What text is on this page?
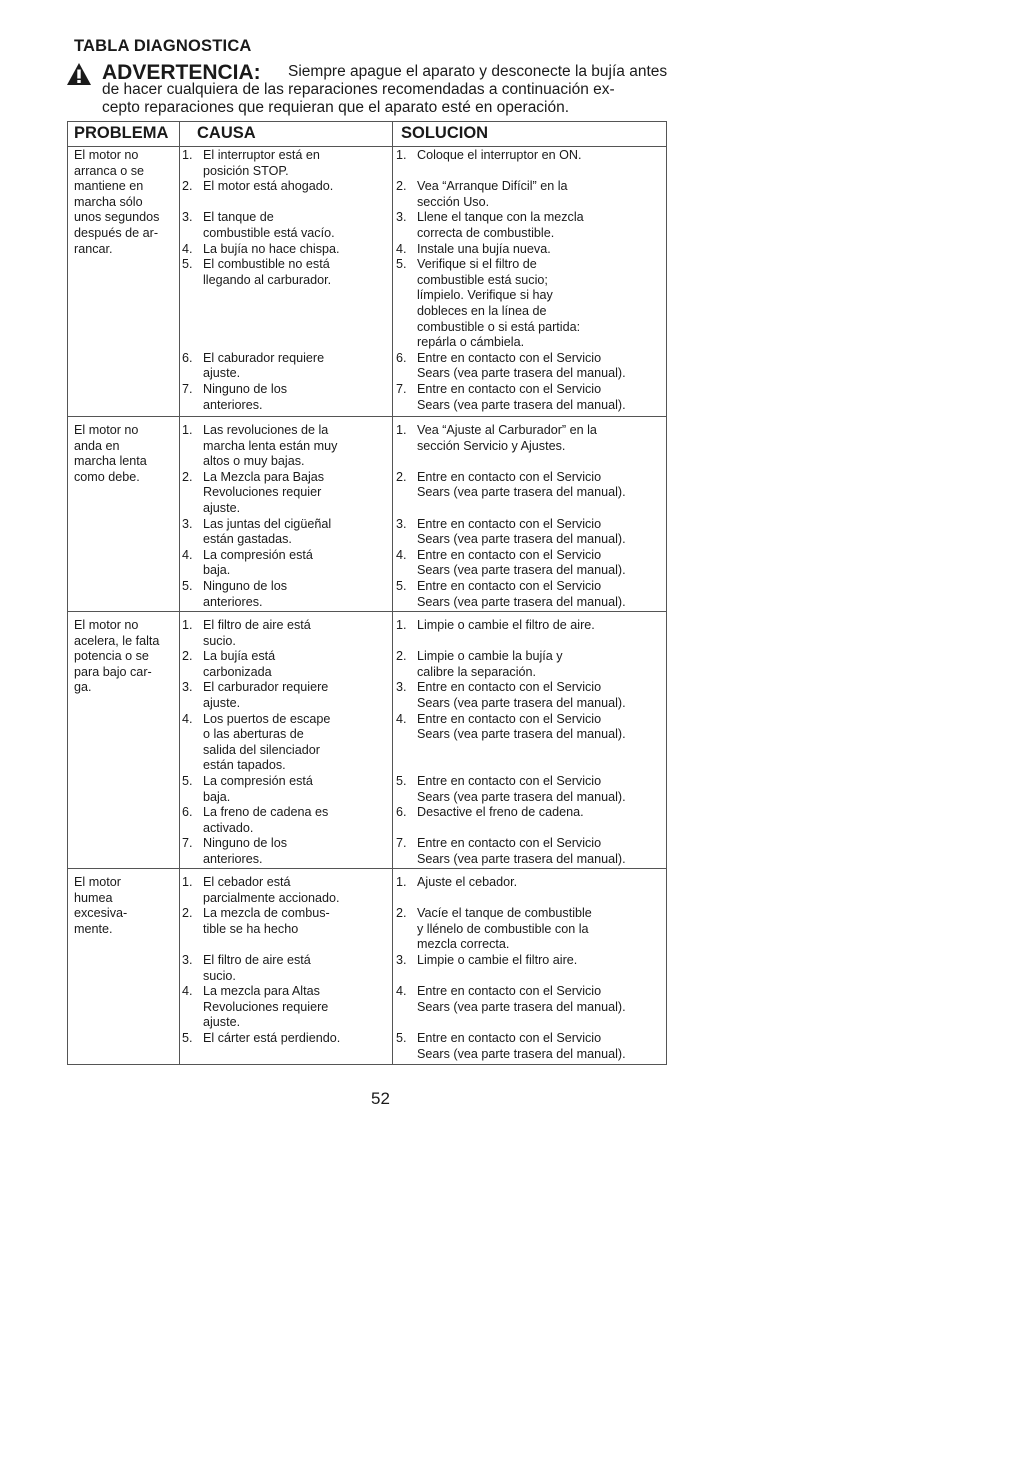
TABLA DIAGNOSTICA
ADVERTENCIA: Siempre apague el aparato y desconecte la bujía antes
de hacer cualquiera de las reparaciones recomendadas a continuación ex-
cepto reparaciones que requieran que el aparato esté en operación.
PROBLEMA CAUSA	SOLUCION
El motor no
arranca o se
mantiene en
marcha sólo
unos segundos
después de ar-
rancar.
1. El interruptor está en
posición STOP.
2. El motor está ahogado.
3. El tanque de
combustible está vacío.
4. La bujía no hace chispa.
5. El combustible no está
llegando al carburador.
6. El caburador requiere
ajuste.
7. Ninguno de los
anteriores.
1. Coloque el interruptor en ON.
2. Vea “Arranque Difícil” en la
sección Uso.
3. Llene el tanque con la mezcla
correcta de combustible.
4. Instale una bujía nueva.
5. Verifique si el filtro de
combustible está sucio;
límpielo. Verifique si hay
dobleces en la línea de
combustible o si está partida:
repárla o cámbiela.
6. Entre en contacto con el Servicio
Sears (vea parte trasera del manual).
7. Entre en contacto con el Servicio
Sears (vea parte trasera del manual).
El motor no
anda en
marcha lenta
como debe.
1. Las revoluciones de la
marcha lenta están muy
altos o muy bajas.
2. La Mezcla para Bajas
Revoluciones requier
ajuste.
3. Las juntas del cigüeñal
están gastadas.
4. La compresión está
baja.
5. Ninguno de los
anteriores.
1. Vea “Ajuste al Carburador” en la
sección Servicio y Ajustes.
2. Entre en contacto con el Servicio
Sears (vea parte trasera del manual).
3. Entre en contacto con el Servicio
Sears (vea parte trasera del manual).
4. Entre en contacto con el Servicio
Sears (vea parte trasera del manual).
5. Entre en contacto con el Servicio
Sears (vea parte trasera del manual).
El motor no
acelera, le falta
potencia o se
para bajo car-
ga.
1. El filtro de aire está
sucio.
2. La bujía está
carbonizada
3. El carburador requiere
ajuste.
4. Los puertos de escape
o las aberturas de
salida del silenciador
están tapados.
5. La compresión está
baja.
6. La freno de cadena es
activado.
7. Ninguno de los
anteriores.
1. Limpie o cambie el filtro de aire.
2. Limpie o cambie la bujía y
calibre la separación.
3. Entre en contacto con el Servicio
Sears (vea parte trasera del manual).
4. Entre en contacto con el Servicio
Sears (vea parte trasera del manual).
5. Entre en contacto con el Servicio
Sears (vea parte trasera del manual).
6. Desactive el freno de cadena.
7. Entre en contacto con el Servicio
Sears (vea parte trasera del manual).
El motor
humea
excesiva-
mente.
1. El cebador está
parcialmente accionado.
2. La mezcla de combus-
tible se ha hecho
3. El filtro de aire está
sucio.
4. La mezcla para Altas
Revoluciones requiere
ajuste.
5. El cárter está perdiendo.
1. Ajuste el cebador.
2. Vacíe el tanque de combustible
y llénelo de combustible con la
mezcla correcta.
3. Limpie o cambie el filtro aire.
4. Entre en contacto con el Servicio
Sears (vea parte trasera del manual).
5. Entre en contacto con el Servicio
Sears (vea parte trasera del manual).
52
